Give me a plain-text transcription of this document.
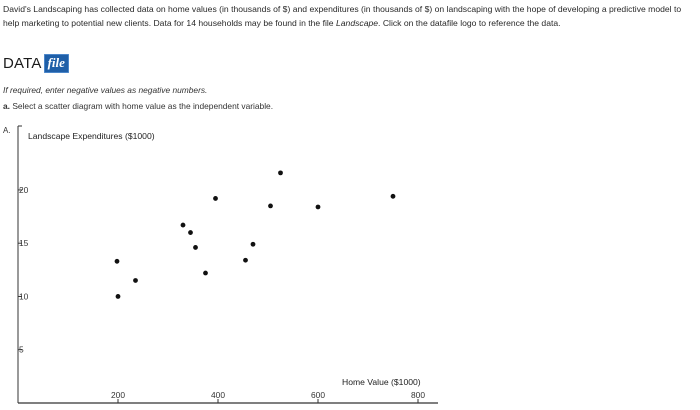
David's Landscaping has collected data on home values (in thousands of $) and expenditures (in thousands of $) on landscaping with the hope of developing a predictive model to help marketing to potential new clients. Data for 14 households may be found in the file Landscape. Click on the datafile logo to reference the data.
DATA file
If required, enter negative values as negative numbers.
a. Select a scatter diagram with home value as the independent variable.
A.
5
10
15
20
200	400	600	800
Landscape Expenditures ($1000)
Home Value ($1000)
